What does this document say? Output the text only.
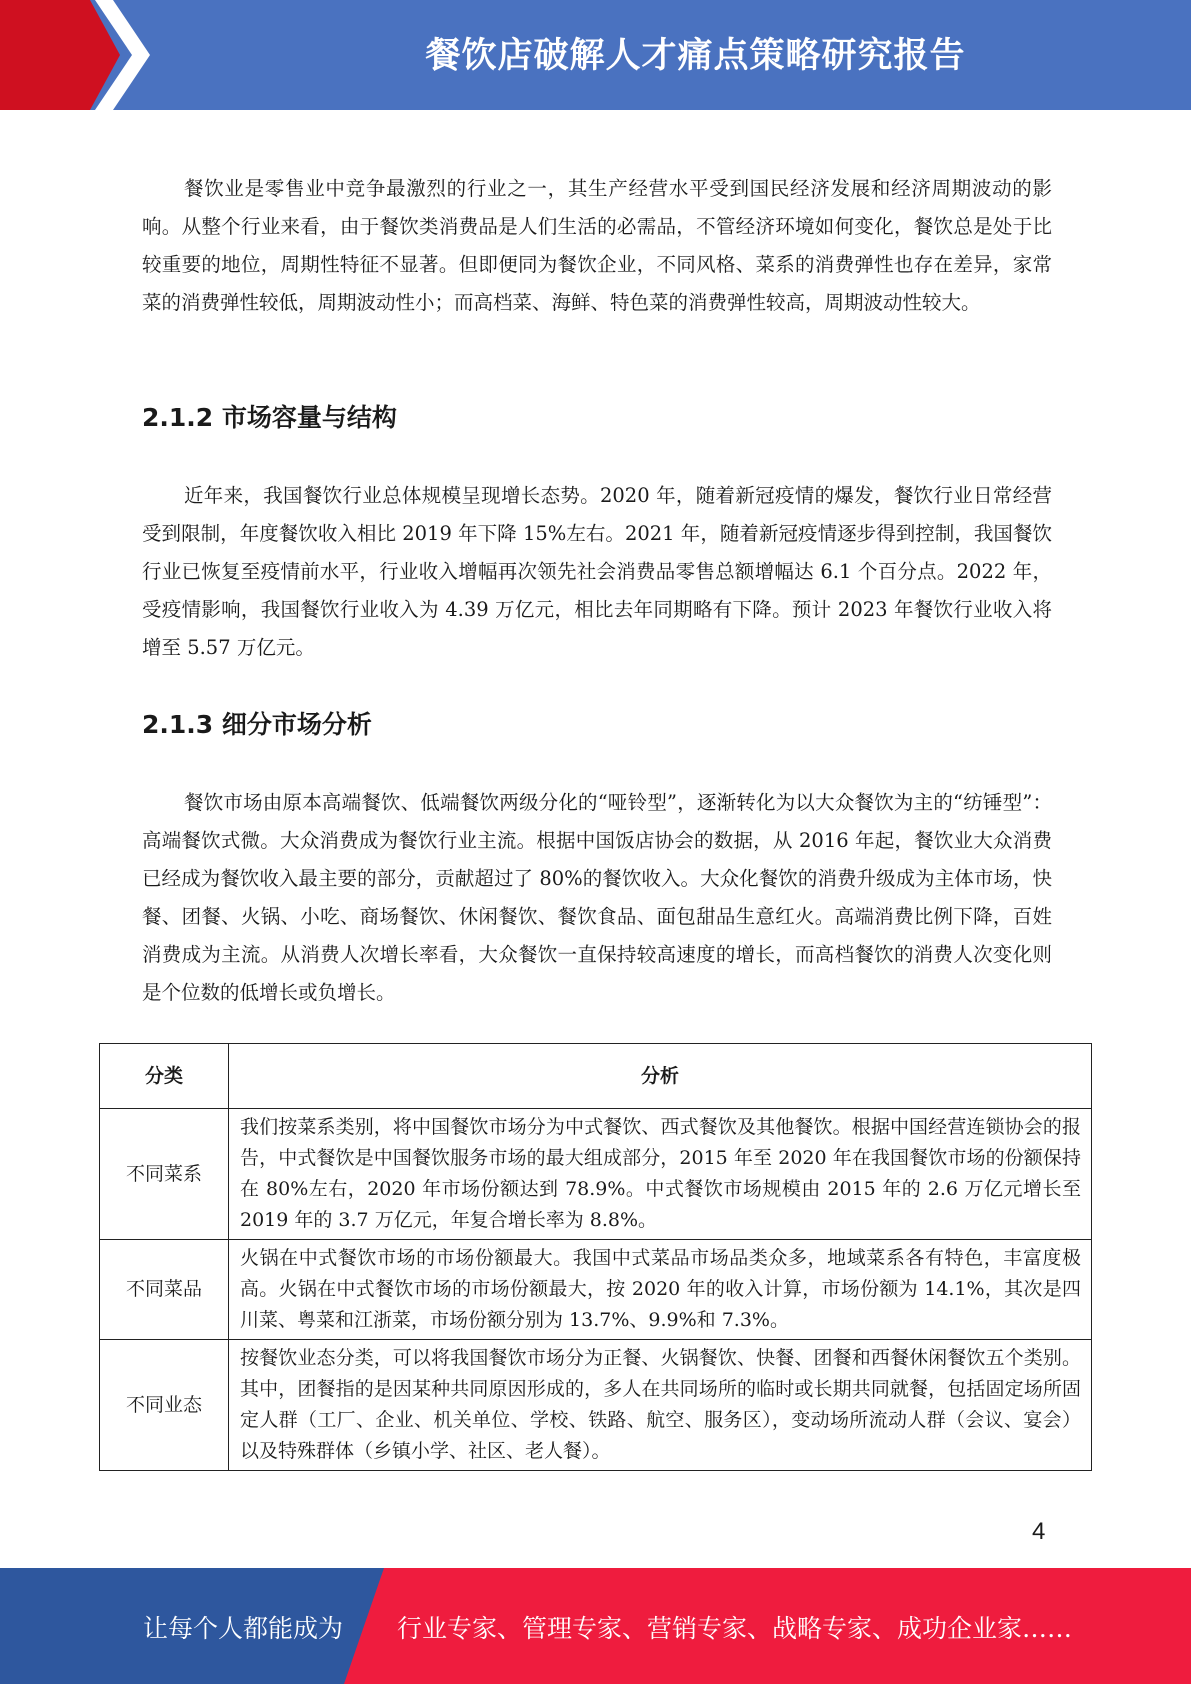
餐饮店破解人才痛点策略研究报告

餐饮业是零售业中竞争最激烈的行业之一，其生产经营水平受到国民经济发展和经济周期波动的影响。从整个行业来看，由于餐饮类消费品是人们生活的必需品，不管经济环境如何变化，餐饮总是处于比较重要的地位，周期性特征不显著。但即便同为餐饮企业，不同风格、菜系的消费弹性也存在差异，家常菜的消费弹性较低，周期波动性小；而高档菜、海鲜、特色菜的消费弹性较高，周期波动性较大。

2.1.2 市场容量与结构

近年来，我国餐饮行业总体规模呈现增长态势。2020 年，随着新冠疫情的爆发，餐饮行业日常经营受到限制，年度餐饮收入相比 2019 年下降 15%左右。2021 年，随着新冠疫情逐步得到控制，我国餐饮行业已恢复至疫情前水平，行业收入增幅再次领先社会消费品零售总额增幅达 6.1 个百分点。2022 年，受疫情影响，我国餐饮行业收入为 4.39 万亿元，相比去年同期略有下降。预计 2023 年餐饮行业收入将增至 5.57 万亿元。

2.1.3 细分市场分析

餐饮市场由原本高端餐饮、低端餐饮两级分化的“哑铃型”，逐渐转化为以大众餐饮为主的“纺锤型”：高端餐饮式微。大众消费成为餐饮行业主流。根据中国饭店协会的数据，从 2016 年起，餐饮业大众消费已经成为餐饮收入最主要的部分，贡献超过了 80%的餐饮收入。大众化餐饮的消费升级成为主体市场，快餐、团餐、火锅、小吃、商场餐饮、休闲餐饮、餐饮食品、面包甜品生意红火。高端消费比例下降，百姓消费成为主流。从消费人次增长率看，大众餐饮一直保持较高速度的增长，而高档餐饮的消费人次变化则是个位数的低增长或负增长。

分类	分析
不同菜系	我们按菜系类别，将中国餐饮市场分为中式餐饮、西式餐饮及其他餐饮。根据中国经营连锁协会的报告，中式餐饮是中国餐饮服务市场的最大组成部分，2015 年至 2020 年在我国餐饮市场的份额保持在 80%左右，2020 年市场份额达到 78.9%。中式餐饮市场规模由 2015 年的 2.6 万亿元增长至 2019 年的 3.7 万亿元，年复合增长率为 8.8%。
不同菜品	火锅在中式餐饮市场的市场份额最大。我国中式菜品市场品类众多，地域菜系各有特色，丰富度极高。火锅在中式餐饮市场的市场份额最大，按 2020 年的收入计算，市场份额为 14.1%，其次是四川菜、粤菜和江浙菜，市场份额分别为 13.7%、9.9%和 7.3%。
不同业态	按餐饮业态分类，可以将我国餐饮市场分为正餐、火锅餐饮、快餐、团餐和西餐休闲餐饮五个类别。其中，团餐指的是因某种共同原因形成的，多人在共同场所的临时或长期共同就餐，包括固定场所固定人群（工厂、企业、机关单位、学校、铁路、航空、服务区），变动场所流动人群（会议、宴会）以及特殊群体（乡镇小学、社区、老人餐）。
4
让每个人都能成为 行业专家、管理专家、营销专家、战略专家、成功企业家……
